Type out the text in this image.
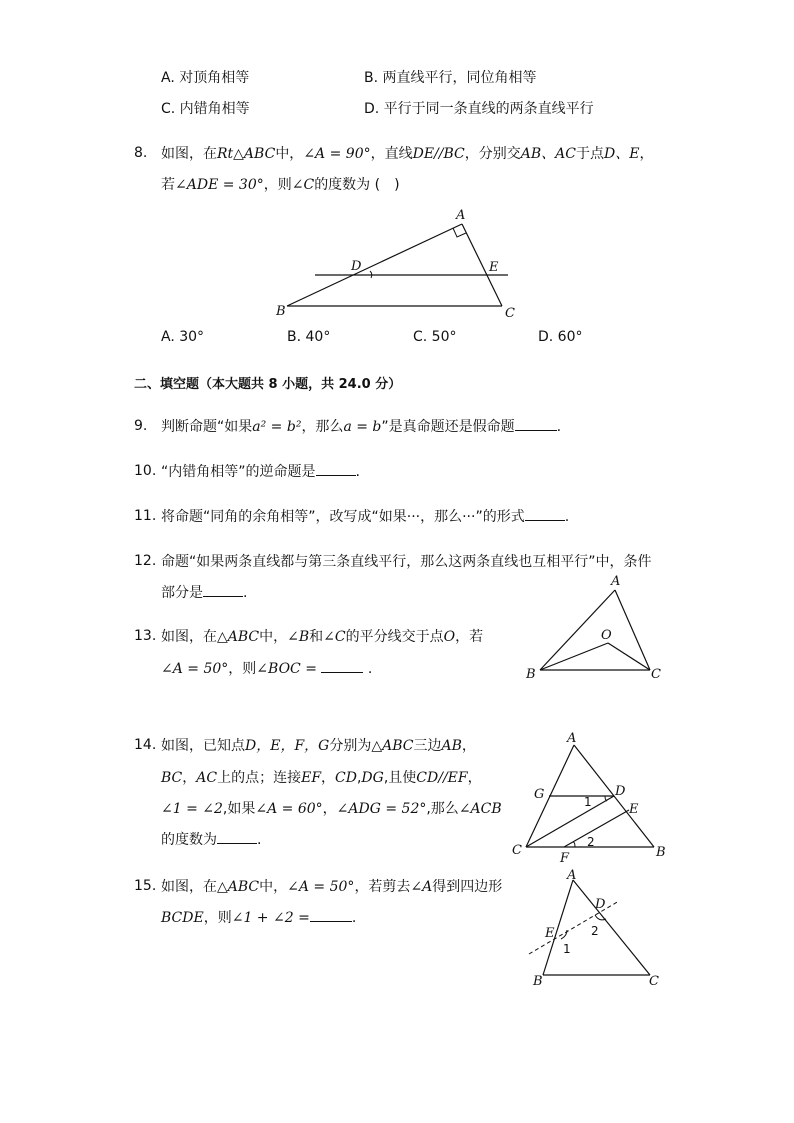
A. 对顶角相等	B. 两直线平行，同位角相等
C. 内错角相等	D. 平行于同一条直线的两条直线平行
8. 如图，在Rt△ABC中，∠A = 90°，直线DE//BC，分别交AB、AC于点D、E，
若∠ADE = 30°，则∠C的度数为 (　)
A
B	C
D	E
A. 30°	B. 40°	C. 50°	D. 60°
二、填空题（本大题共 8 小题，共 24.0 分）
9. 判断命题“如果a² = b²，那么a = b”是真命题还是假命题	.
10. “内错角相等”的逆命题是	.
11. 将命题“同角的余角相等”，改写成“如果···，那么···”的形式	.
12. 命题“如果两条直线都与第三条直线平行，那么这两条直线也互相平行”中，条件
部分是	.
13. 如图，在△ABC中，∠B和∠C的平分线交于点O，若
∠A = 50°，则∠BOC =	.
A
B	C
O
14. 如图，已知点D，E，F，G分别为△ABC三边AB，
BC，AC上的点；连接EF，CD,DG,且使CD//EF，
∠1 = ∠2,如果∠A = 60°，∠ADG = 52°,那么∠ACB
的度数为	.
A
B
C
D
E
F
G	1
2
15. 如图，在△ABC中，∠A = 50°，若剪去∠A得到四边形
BCDE，则∠1 + ∠2 =	.
A
B	C
D
E
1
2
